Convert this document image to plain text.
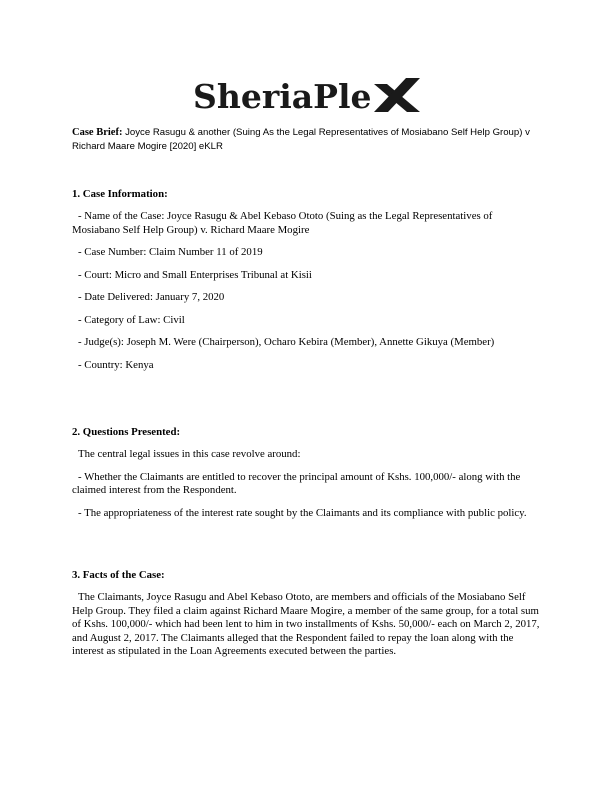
SheriaPle
Case Brief: Joyce Rasugu & another (Suing As the Legal Representatives of Mosiabano Self Help Group) v Richard Maare Mogire [2020] eKLR
1. Case Information:

- Name of the Case: Joyce Rasugu & Abel Kebaso Ototo (Suing as the Legal Representatives of Mosiabano Self Help Group) v. Richard Maare Mogire

- Case Number: Claim Number 11 of 2019

- Court: Micro and Small Enterprises Tribunal at Kisii

- Date Delivered: January 7, 2020

- Category of Law: Civil

- Judge(s): Joseph M. Were (Chairperson), Ocharo Kebira (Member), Annette Gikuya (Member)

- Country: Kenya

2. Questions Presented:

The central legal issues in this case revolve around:

- Whether the Claimants are entitled to recover the principal amount of Kshs. 100,000/- along with the claimed interest from the Respondent.

- The appropriateness of the interest rate sought by the Claimants and its compliance with public policy.

3. Facts of the Case:

The Claimants, Joyce Rasugu and Abel Kebaso Ototo, are members and officials of the Mosiabano Self Help Group. They filed a claim against Richard Maare Mogire, a member of the same group, for a total sum of Kshs. 100,000/- which had been lent to him in two installments of Kshs. 50,000/- each on March 2, 2017, and August 2, 2017. The Claimants alleged that the Respondent failed to repay the loan along with the interest as stipulated in the Loan Agreements executed between the parties.
